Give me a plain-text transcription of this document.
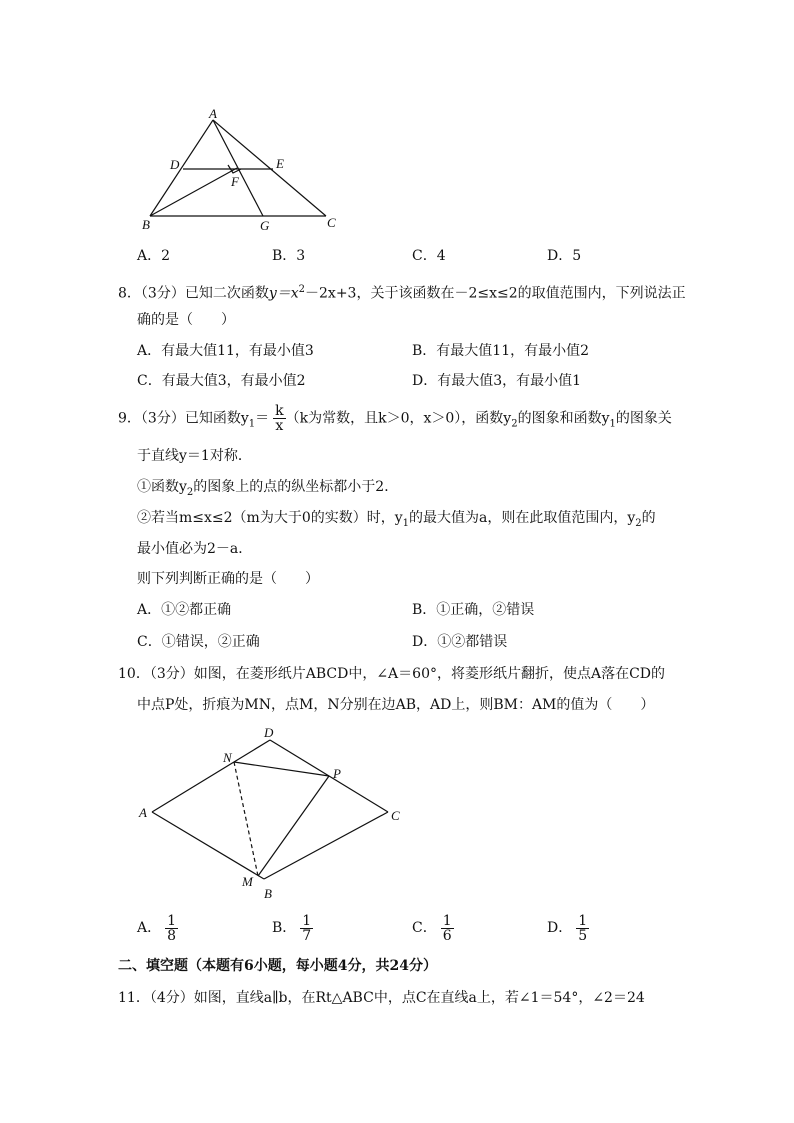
A
D	E
F
B	G	C
A．2	B．3	C．4	D．5
8．（3分）已知二次函数$y=x^2-2x+3$，关于该函数在－2≤x≤2的取值范围内，下列说法正
确的是（　　）
A．有最大值11，有最小值3	B．有最大值11，有最小值2
C．有最大值3，有最小值2	D．有最大值3，有最小值1
9．（3分）已知函数$y_1= \frac{k}{x} (k$为常数，且k＞0，x＞0），函数$y_2$的图象和函数$y_1$的图象关
于直线y＝1对称．
①函数$y_2$的图象上的点的纵坐标都小于2．
②若当m≤x≤2（m为大于0的实数）时，$y_1$的最大值为a，则在此取值范围内，$y_2$的
最小值必为2－a．
则下列判断正确的是（　　）
A．①②都正确	B．①正确，②错误
C．①错误，②正确	D．①②都错误
10．（3分）如图，在菱形纸片ABCD中，∠A＝60°，将菱形纸片翻折，使点A落在CD的
中点P处，折痕为MN，点M，N分别在边AB，AD上，则BM：AM的值为（　　）
D
N
P
A	C
M
B
A． $\frac{1}{8}$	B． $\frac{1}{7}$	C． $\frac{1}{6}$	D． $\frac{1}{5}$
二、填空题（本题有6小题，每小题4分，共24分）
11．（4分）如图，直线a∥b，在Rt△ABC中，点C在直线a上，若∠1＝54°，∠2＝24
